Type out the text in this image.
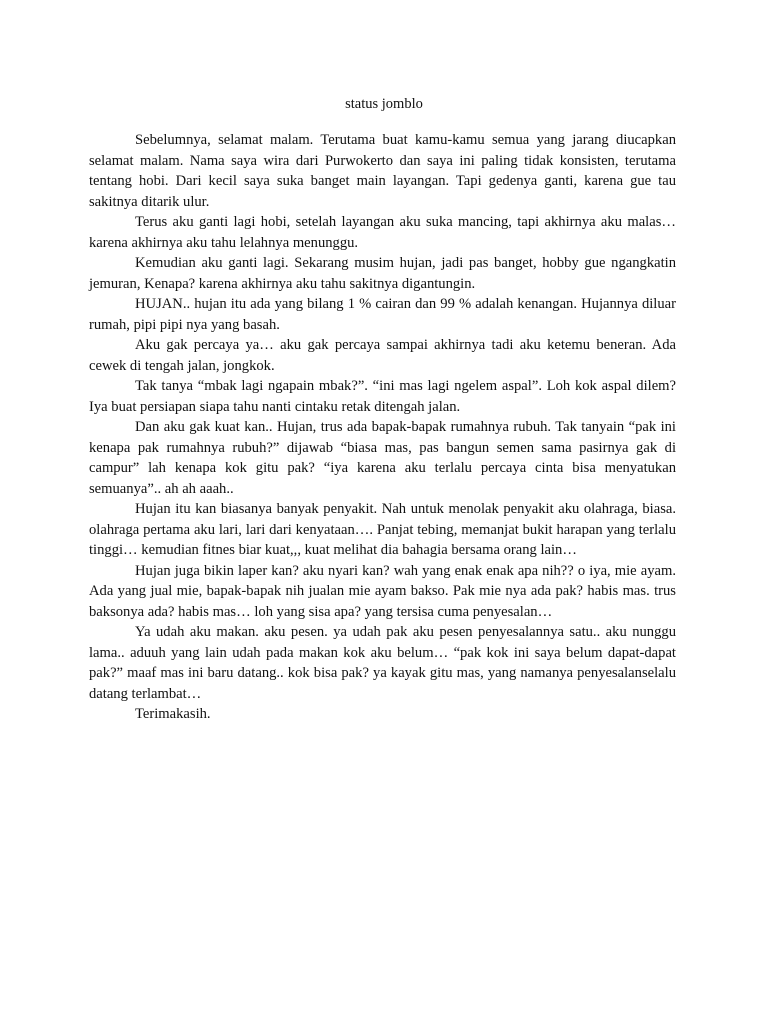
status jomblo

Sebelumnya, selamat malam. Terutama buat kamu-kamu semua yang jarang diucapkan selamat malam. Nama saya wira dari Purwokerto dan saya ini paling tidak konsisten, terutama tentang hobi. Dari kecil saya suka banget main layangan. Tapi gedenya ganti, karena gue tau sakitnya ditarik ulur.

Terus aku ganti lagi hobi, setelah layangan aku suka mancing, tapi akhirnya aku malas… karena akhirnya aku tahu lelahnya menunggu.

Kemudian aku ganti lagi. Sekarang musim hujan, jadi pas banget, hobby gue ngangkatin jemuran, Kenapa? karena akhirnya aku tahu sakitnya digantungin.

HUJAN.. hujan itu ada yang bilang 1 % cairan dan 99 % adalah kenangan. Hujannya diluar rumah, pipi pipi nya yang basah.

Aku gak percaya ya… aku gak percaya sampai akhirnya tadi aku ketemu beneran. Ada cewek di tengah jalan, jongkok.

Tak tanya “mbak lagi ngapain mbak?”. “ini mas lagi ngelem aspal”. Loh kok aspal dilem? Iya buat persiapan siapa tahu nanti cintaku retak ditengah jalan.

Dan aku gak kuat kan.. Hujan, trus ada bapak-bapak rumahnya rubuh. Tak tanyain “pak ini kenapa pak rumahnya rubuh?” dijawab “biasa mas, pas bangun semen sama pasirnya gak di campur” lah kenapa kok gitu pak? “iya karena aku terlalu percaya cinta bisa menyatukan semuanya”.. ah ah aaah..

Hujan itu kan biasanya banyak penyakit. Nah untuk menolak penyakit aku olahraga, biasa. olahraga pertama aku lari, lari dari kenyataan…. Panjat tebing, memanjat bukit harapan yang terlalu tinggi… kemudian fitnes biar kuat,,, kuat melihat dia bahagia bersama orang lain…

Hujan juga bikin laper kan? aku nyari kan? wah yang enak enak apa nih?? o iya, mie ayam. Ada yang jual mie, bapak-bapak nih jualan mie ayam bakso. Pak mie nya ada pak? habis mas. trus baksonya ada? habis mas… loh yang sisa apa? yang tersisa cuma penyesalan…

Ya udah aku makan. aku pesen. ya udah pak aku pesen penyesalannya satu.. aku nunggu lama.. aduuh yang lain udah pada makan kok aku belum… “pak kok ini saya belum dapat-dapat pak?” maaf mas ini baru datang.. kok bisa pak? ya kayak gitu mas, yang namanya penyesalanselalu datang terlambat…

Terimakasih.
